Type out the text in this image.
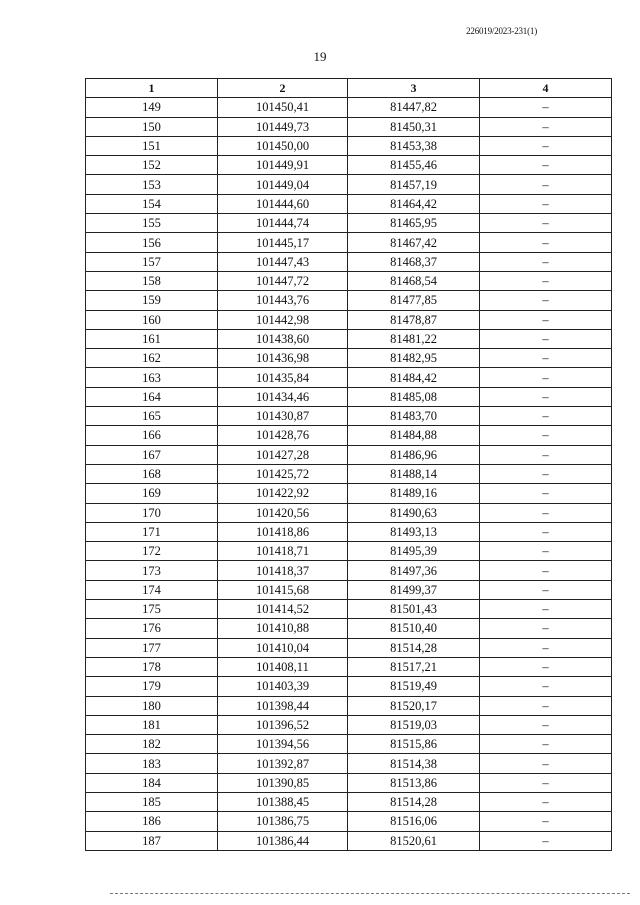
226019/2023-231(1)
19
1	2	3	4
149	101450,41	81447,82	–
150	101449,73	81450,31	–
151	101450,00	81453,38	–
152	101449,91	81455,46	–
153	101449,04	81457,19	–
154	101444,60	81464,42	–
155	101444,74	81465,95	–
156	101445,17	81467,42	–
157	101447,43	81468,37	–
158	101447,72	81468,54	–
159	101443,76	81477,85	–
160	101442,98	81478,87	–
161	101438,60	81481,22	–
162	101436,98	81482,95	–
163	101435,84	81484,42	–
164	101434,46	81485,08	–
165	101430,87	81483,70	–
166	101428,76	81484,88	–
167	101427,28	81486,96	–
168	101425,72	81488,14	–
169	101422,92	81489,16	–
170	101420,56	81490,63	–
171	101418,86	81493,13	–
172	101418,71	81495,39	–
173	101418,37	81497,36	–
174	101415,68	81499,37	–
175	101414,52	81501,43	–
176	101410,88	81510,40	–
177	101410,04	81514,28	–
178	101408,11	81517,21	–
179	101403,39	81519,49	–
180	101398,44	81520,17	–
181	101396,52	81519,03	–
182	101394,56	81515,86	–
183	101392,87	81514,38	–
184	101390,85	81513,86	–
185	101388,45	81514,28	–
186	101386,75	81516,06	–
187	101386,44	81520,61	–
